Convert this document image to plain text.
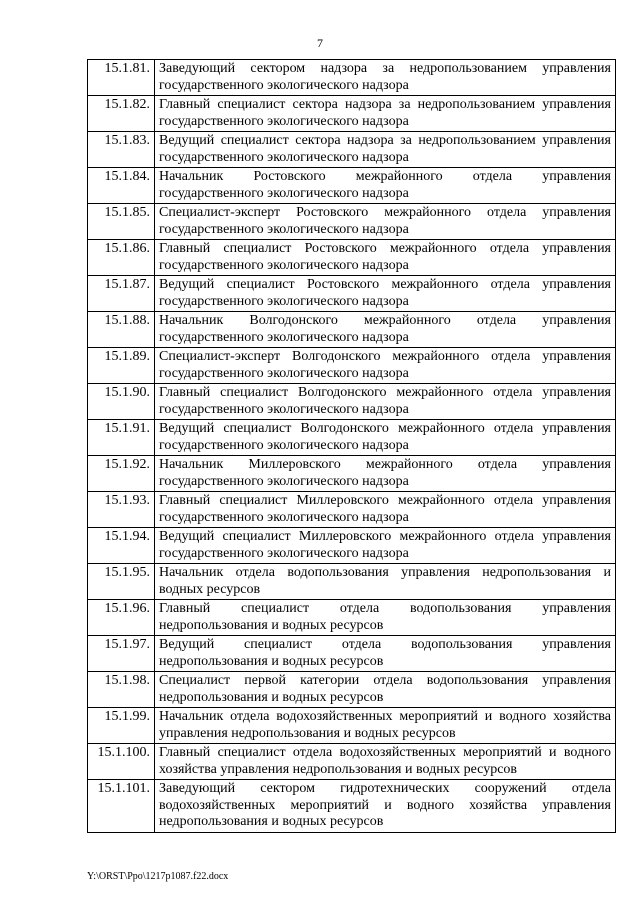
7
15.1.81.	Заведующий сектором надзора за недропользованием управления государственного экологического надзора
15.1.82.	Главный специалист сектора надзора за недропользованием управления государственного экологического надзора
15.1.83.	Ведущий специалист сектора надзора за недропользованием управления государственного экологического надзора
15.1.84.	Начальник Ростовского межрайонного отдела управления государственного экологического надзора
15.1.85.	Специалист-эксперт Ростовского межрайонного отдела управления государственного экологического надзора
15.1.86.	Главный специалист Ростовского межрайонного отдела управления государственного экологического надзора
15.1.87.	Ведущий специалист Ростовского межрайонного отдела управления государственного экологического надзора
15.1.88.	Начальник Волгодонского межрайонного отдела управления государственного экологического надзора
15.1.89.	Специалист-эксперт Волгодонского межрайонного отдела управления государственного экологического надзора
15.1.90.	Главный специалист Волгодонского межрайонного отдела управления государственного экологического надзора
15.1.91.	Ведущий специалист Волгодонского межрайонного отдела управления государственного экологического надзора
15.1.92.	Начальник Миллеровского межрайонного отдела управления государственного экологического надзора
15.1.93.	Главный специалист Миллеровского межрайонного отдела управления государственного экологического надзора
15.1.94.	Ведущий специалист Миллеровского межрайонного отдела управления государственного экологического надзора
15.1.95.	Начальник отдела водопользования управления недропользования и водных ресурсов
15.1.96.	Главный специалист отдела водопользования управления недропользования и водных ресурсов
15.1.97.	Ведущий специалист отдела водопользования управления недропользования и водных ресурсов
15.1.98.	Специалист первой категории отдела водопользования управления недропользования и водных ресурсов
15.1.99.	Начальник отдела водохозяйственных мероприятий и водного хозяйства управления недропользования и водных ресурсов
15.1.100.	Главный специалист отдела водохозяйственных мероприятий и водного хозяйства управления недропользования и водных ресурсов
15.1.101.	Заведующий сектором гидротехнических сооружений отдела водохозяйственных мероприятий и водного хозяйства управления недропользования и водных ресурсов
Y:\ORST\Ppo\1217p1087.f22.docx
